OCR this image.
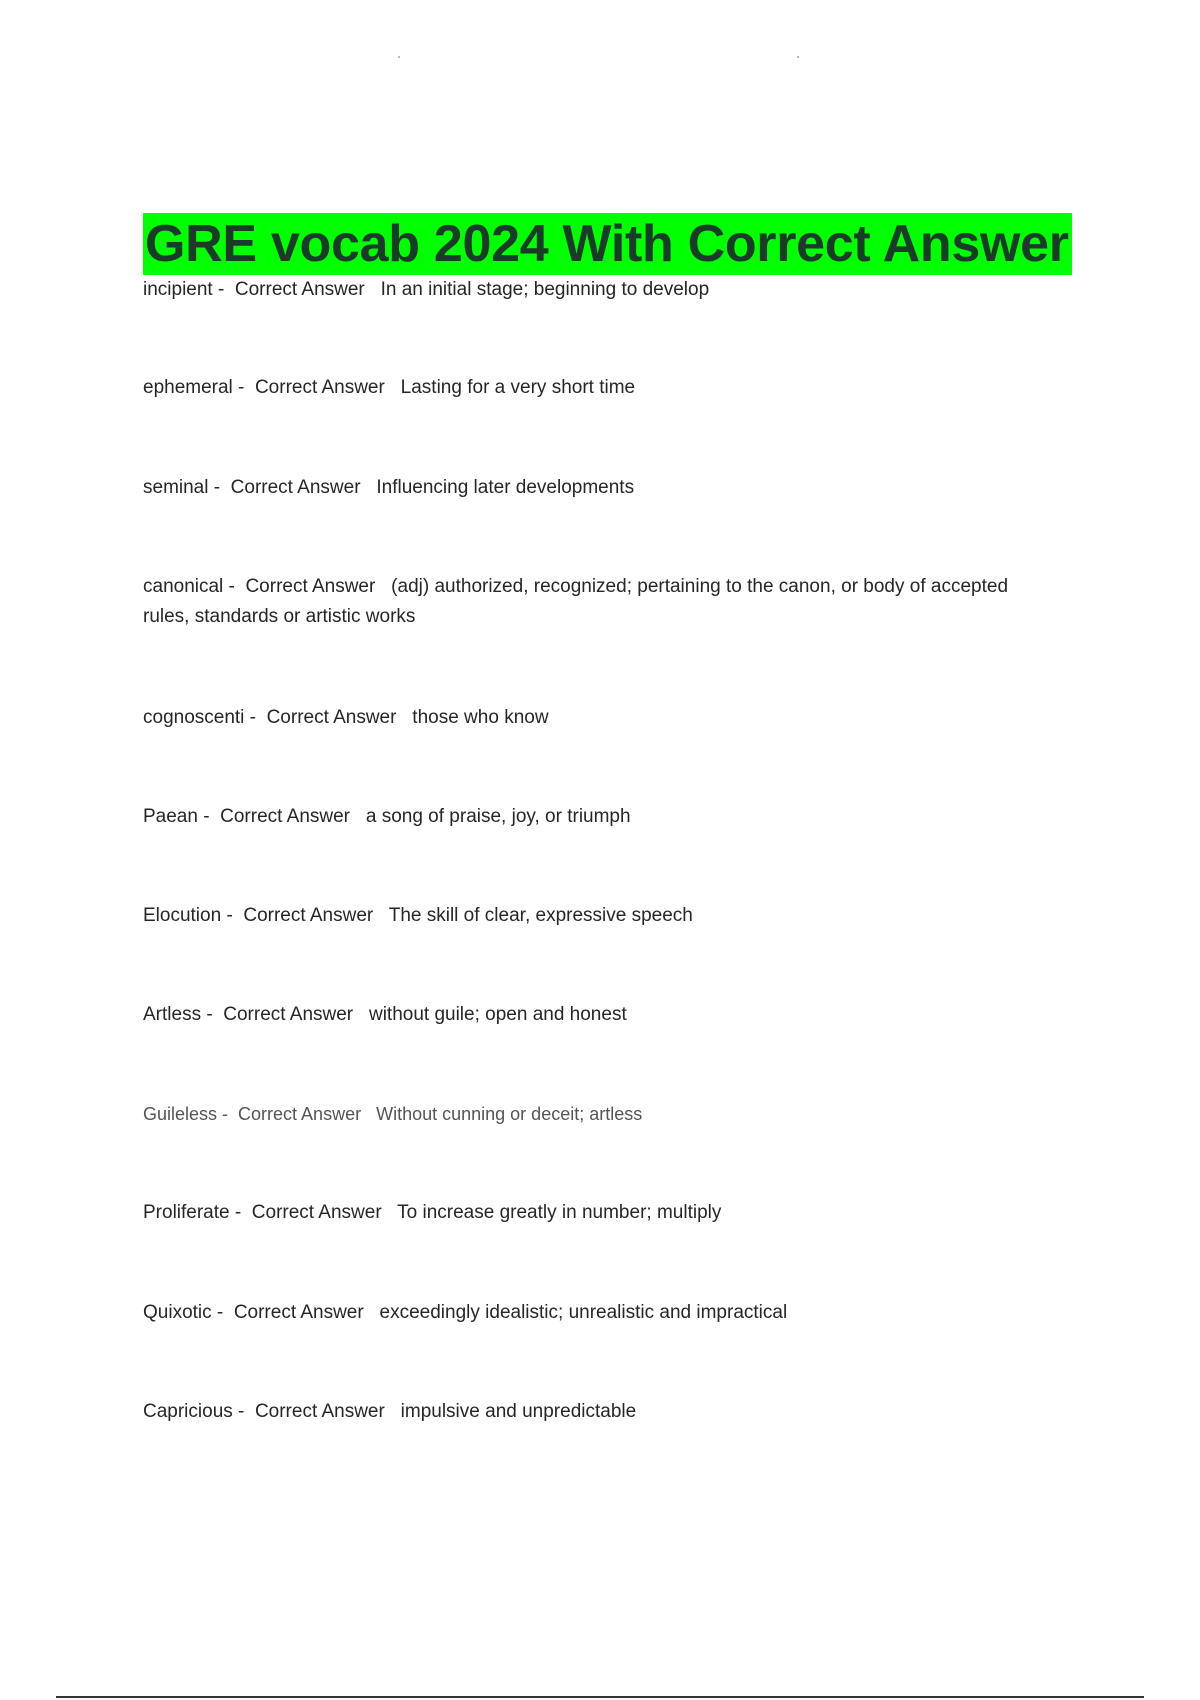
GRE vocab 2024 With Correct Answer
incipient -  Correct Answer In an initial stage; beginning to develop
ephemeral -  Correct Answer Lasting for a very short time
seminal -  Correct Answer Influencing later developments
canonical -  Correct Answer (adj) authorized, recognized; pertaining to the canon, or body of accepted rules, standards or artistic works
cognoscenti -  Correct Answer those who know
Paean -  Correct Answer a song of praise, joy, or triumph
Elocution -  Correct Answer The skill of clear, expressive speech
Artless -  Correct Answer without guile; open and honest
Guileless -  Correct Answer Without cunning or deceit; artless
Proliferate -  Correct Answer To increase greatly in number; multiply
Quixotic -  Correct Answer exceedingly idealistic; unrealistic and impractical
Capricious -  Correct Answer impulsive and unpredictable
